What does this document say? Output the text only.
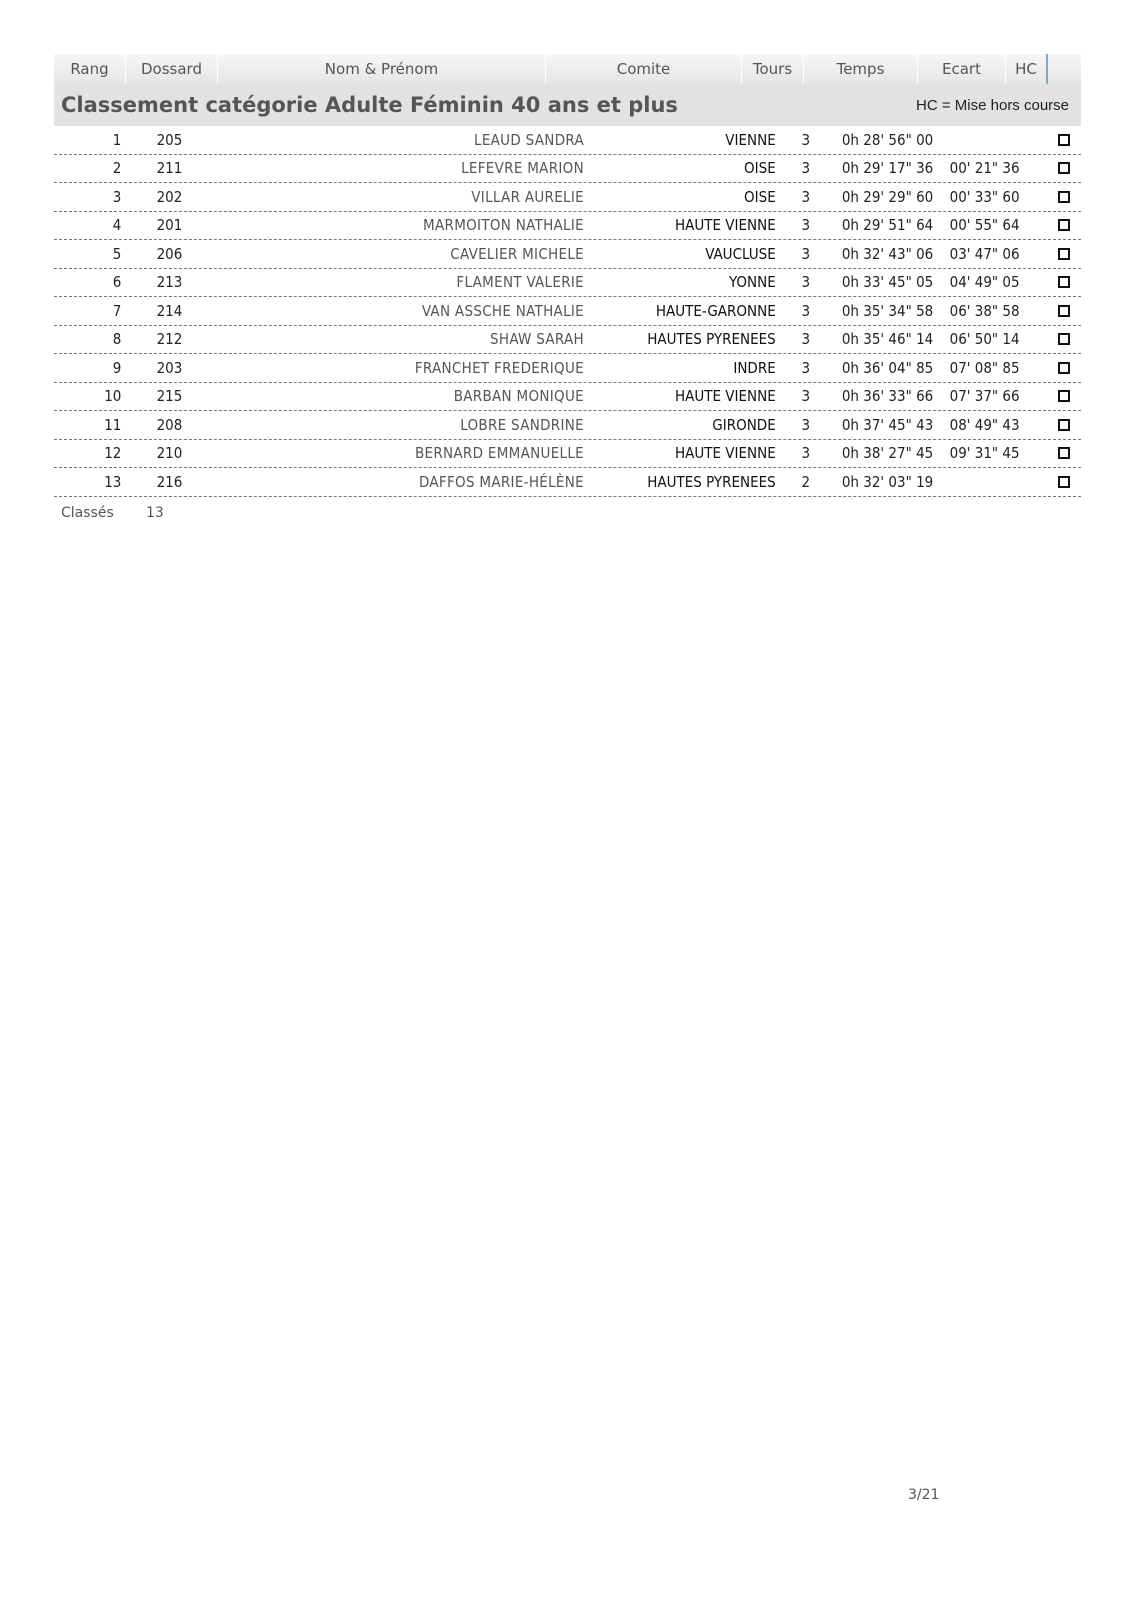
Rang	Dossard	Nom & Prénom	Comite	Tours	Temps	Ecart	HC
Classement catégorie Adulte Féminin 40 ans et plus	HC = Mise hors course
1	205	LEAUD SANDRA	VIENNE	3	0h 28' 56" 00
2	211	LEFEVRE MARION	OISE	3	0h 29' 17" 36	00' 21" 36
3	202	VILLAR AURELIE	OISE	3	0h 29' 29" 60	00' 33" 60
4	201	MARMOITON NATHALIE	HAUTE VIENNE	3	0h 29' 51" 64	00' 55" 64
5	206	CAVELIER MICHELE	VAUCLUSE	3	0h 32' 43" 06	03' 47" 06
6	213	FLAMENT VALERIE	YONNE	3	0h 33' 45" 05	04' 49" 05
7	214	VAN ASSCHE NATHALIE	HAUTE-GARONNE	3	0h 35' 34" 58	06' 38" 58
8	212	SHAW SARAH	HAUTES PYRENEES	3	0h 35' 46" 14	06' 50" 14
9	203	FRANCHET FREDERIQUE	INDRE	3	0h 36' 04" 85	07' 08" 85
10	215	BARBAN MONIQUE	HAUTE VIENNE	3	0h 36' 33" 66	07' 37" 66
11	208	LOBRE SANDRINE	GIRONDE	3	0h 37' 45" 43	08' 49" 43
12	210	BERNARD EMMANUELLE	HAUTE VIENNE	3	0h 38' 27" 45	09' 31" 45
13	216	DAFFOS MARIE-HÉLÈNE	HAUTES PYRENEES	2	0h 32' 03" 19
Classés	13
3/21
